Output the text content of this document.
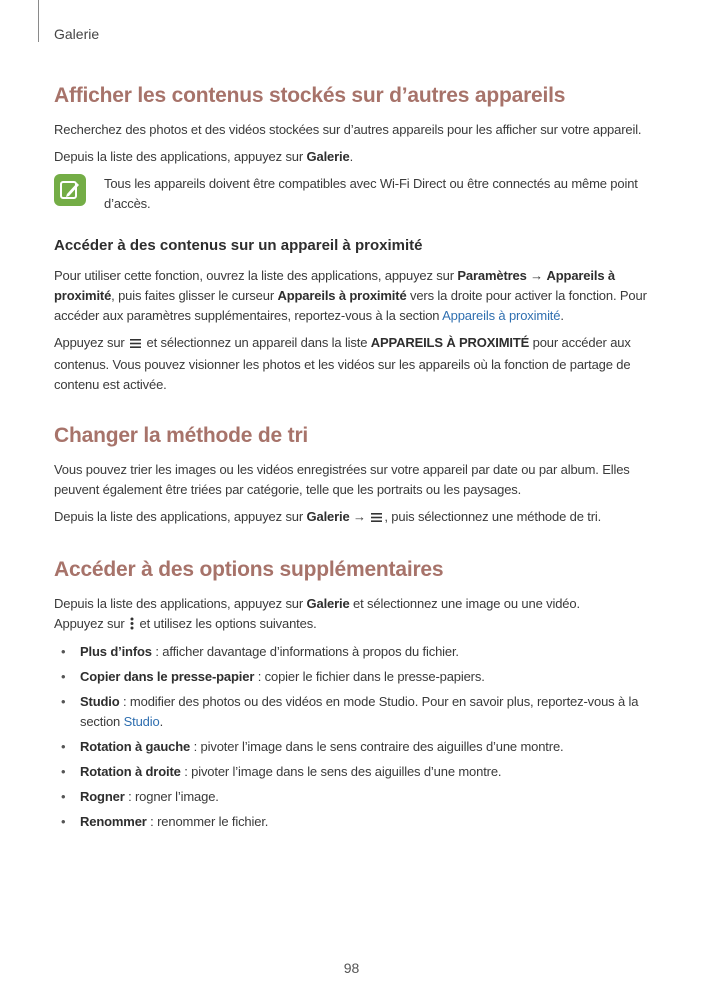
Galerie
Afficher les contenus stockés sur d’autres appareils

Recherchez des photos et des vidéos stockées sur d’autres appareils pour les afficher sur votre appareil.

Depuis la liste des applications, appuyez sur Galerie.

Tous les appareils doivent être compatibles avec Wi-Fi Direct ou être connectés au même point d’accès.

Accéder à des contenus sur un appareil à proximité

Pour utiliser cette fonction, ouvrez la liste des applications, appuyez sur Paramètres → Appareils à proximité, puis faites glisser le curseur Appareils à proximité vers la droite pour activer la fonction. Pour accéder aux paramètres supplémentaires, reportez-vous à la section Appareils à proximité.

Appuyez sur  et sélectionnez un appareil dans la liste APPAREILS À PROXIMITÉ pour accéder aux contenus. Vous pouvez visionner les photos et les vidéos sur les appareils où la fonction de partage de contenu est activée.

Changer la méthode de tri

Vous pouvez trier les images ou les vidéos enregistrées sur votre appareil par date ou par album. Elles peuvent également être triées par catégorie, telle que les portraits ou les paysages.

Depuis la liste des applications, appuyez sur Galerie → , puis sélectionnez une méthode de tri.

Accéder à des options supplémentaires

Depuis la liste des applications, appuyez sur Galerie et sélectionnez une image ou une vidéo.
Appuyez sur  et utilisez les options suivantes.

• Plus d’infos : afficher davantage d’informations à propos du fichier.
• Copier dans le presse-papier : copier le fichier dans le presse-papiers.
• Studio : modifier des photos ou des vidéos en mode Studio. Pour en savoir plus, reportez-vous à la section Studio.
• Rotation à gauche : pivoter l’image dans le sens contraire des aiguilles d’une montre.
• Rotation à droite : pivoter l’image dans le sens des aiguilles d’une montre.
• Rogner : rogner l’image.
• Renommer : renommer le fichier.
98
